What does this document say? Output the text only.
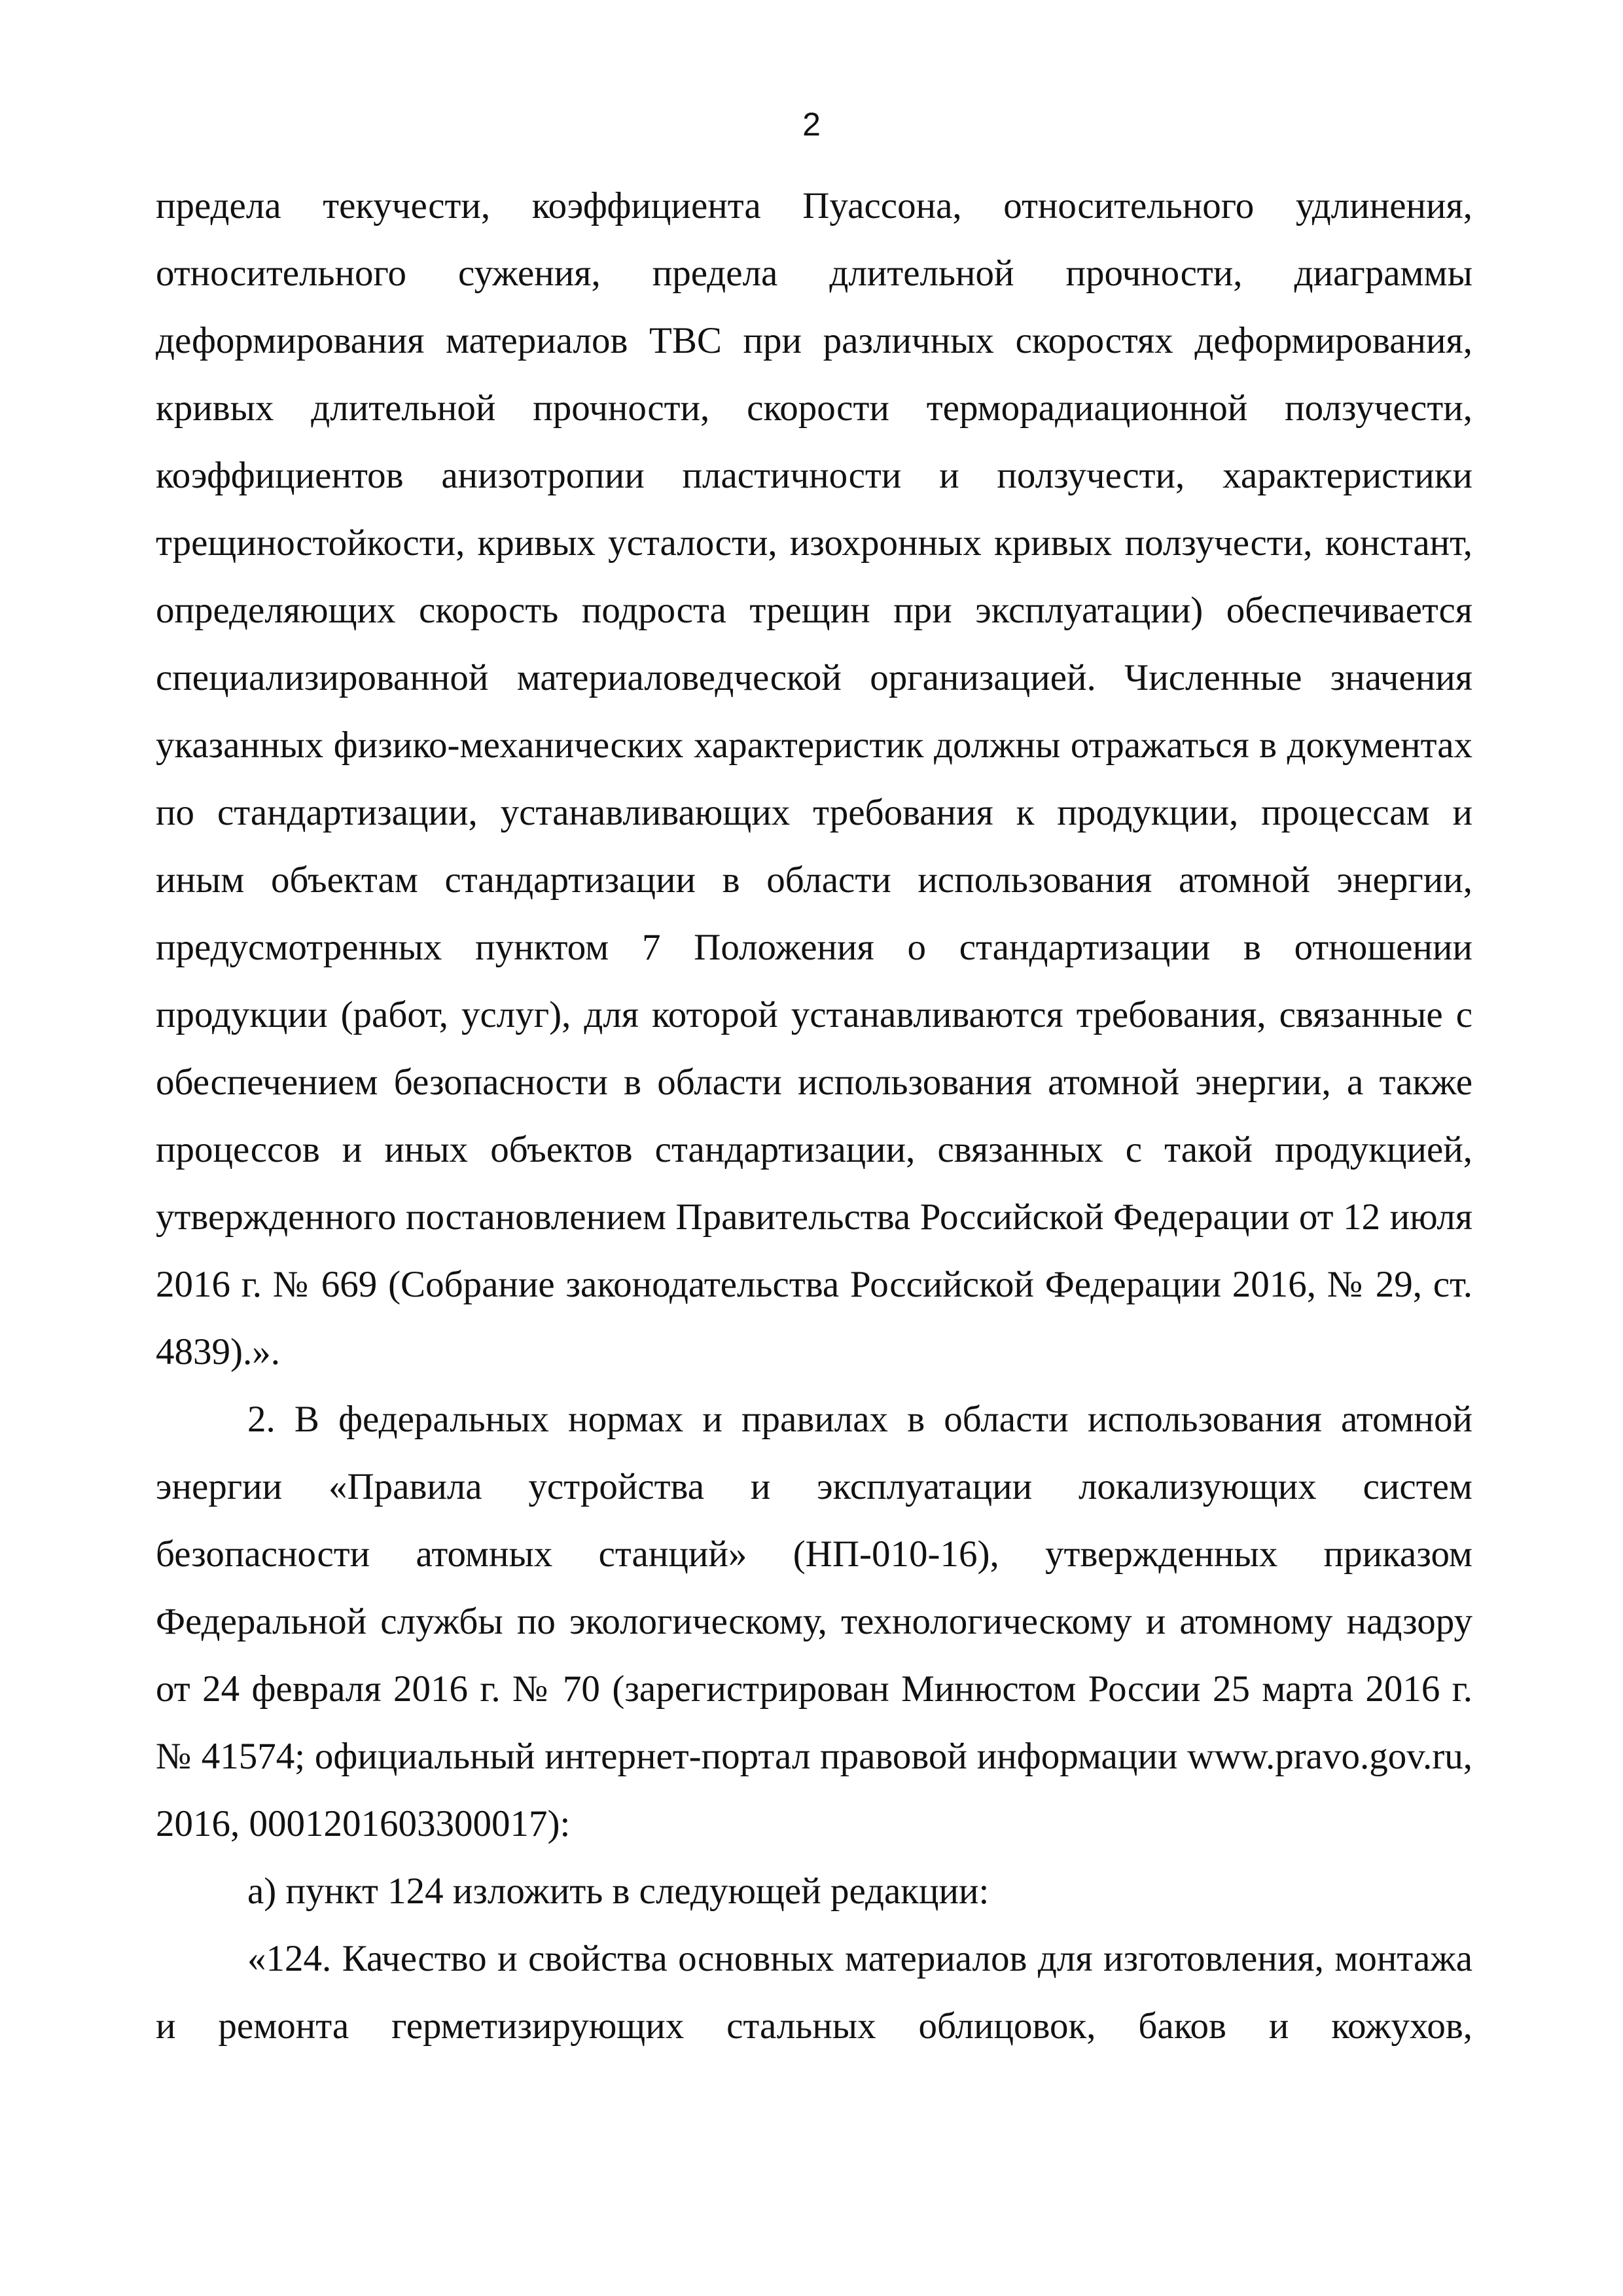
2

предела текучести, коэффициента Пуассона, относительного удлинения, относительного сужения, предела длительной прочности, диаграммы деформирования материалов ТВС при различных скоростях деформирования, кривых длительной прочности, скорости терморадиационной ползучести, коэффициентов анизотропии пластичности и ползучести, характеристики трещиностойкости, кривых усталости, изохронных кривых ползучести, констант, определяющих скорость подроста трещин при эксплуатации) обеспечивается специализированной материаловедческой организацией. Численные значения указанных физико-механических характеристик должны отражаться в документах по стандартизации, устанавливающих требования к продукции, процессам и иным объектам стандартизации в области использования атомной энергии, предусмотренных пунктом 7 Положения о стандартизации в отношении продукции (работ, услуг), для которой устанавливаются требования, связанные с обеспечением безопасности в области использования атомной энергии, а также процессов и иных объектов стандартизации, связанных с такой продукцией, утвержденного постановлением Правительства Российской Федерации от 12 июля 2016 г. № 669 (Собрание законодательства Российской Федерации 2016, № 29, ст. 4839).».

2. В федеральных нормах и правилах в области использования атомной энергии «Правила устройства и эксплуатации локализующих систем безопасности атомных станций» (НП-010-16), утвержденных приказом Федеральной службы по экологическому, технологическому и атомному надзору от 24 февраля 2016 г. № 70 (зарегистрирован Минюстом России 25 марта 2016 г. № 41574; официальный интернет-портал правовой информации www.pravo.gov.ru, 2016, 0001201603300017):

а) пункт 124 изложить в следующей редакции:

«124. Качество и свойства основных материалов для изготовления, монтажа и ремонта герметизирующих стальных облицовок, баков и кожухов,
